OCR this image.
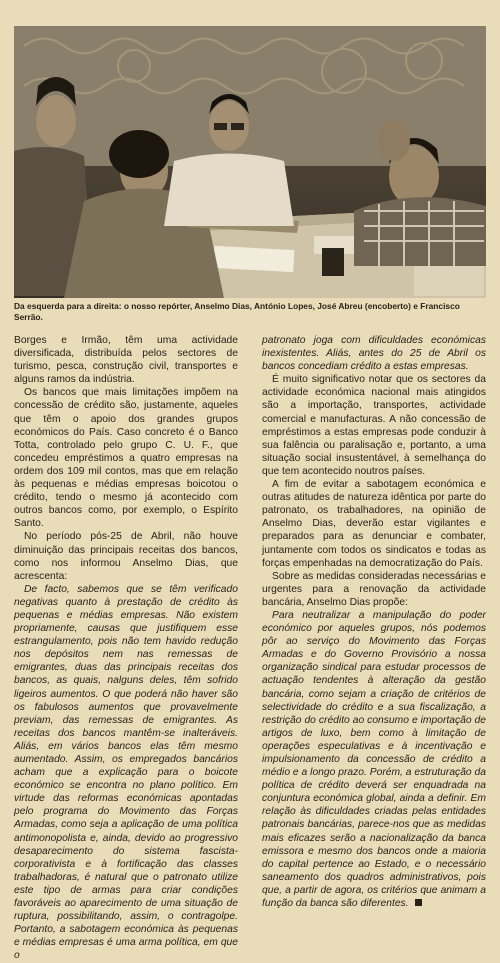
Da esquerda para a direita: o nosso repórter, Anselmo Dias, António Lopes, José Abreu (encoberto) e Francisco Serrão.

Borges e Irmão, têm uma actividade diversificada, distribuída pelos sectores de turismo, pesca, construção civil, transportes e alguns ramos da indústria.

Os bancos que mais limitações impõem na concessão de crédito são, justamente, aqueles que têm o apoio dos grandes grupos económicos do País. Caso concreto é o Banco Totta, controlado pelo grupo C. U. F., que concedeu empréstimos a quatro empresas na ordem dos 109 mil contos, mas que em relação às pequenas e médias empresas boicotou o crédito, tendo o mesmo já acontecido com outros bancos como, por exemplo, o Espírito Santo.

No período pós-25 de Abril, não houve diminuição das principais receitas dos bancos, como nos informou Anselmo Dias, que acrescenta:

De facto, sabemos que se têm verificado negativas quanto à prestação de crédito às pequenas e médias empresas. Não existem propriamente, causas que justifiquem esse estrangulamento, pois não tem havido redução nos depósitos nem nas remessas de emigrantes, duas das principais receitas dos bancos, as quais, nalguns deles, têm sofrido ligeiros aumentos. O que poderá não haver são os fabulosos aumentos que provavelmente previam, das remessas de emigrantes. As receitas dos bancos mantêm-se inalteráveis. Aliás, em vários bancos elas têm mesmo aumentado. Assim, os empregados bancários acham que a explicação para o boicote económico se encontra no plano político. Em virtude das reformas económicas apontadas pelo programa do Movimento das Forças Armadas, como seja a aplicação de uma política antimonopolista e, ainda, devido ao progressivo desaparecimento do sistema fascista-corporativista e à fortificação das classes trabalhadoras, é natural que o patronato utilize este tipo de armas para criar condições favoráveis ao aparecimento de uma situação de ruptura, possibilitando, assim, o contragolpe. Portanto, a sabotagem económica às pequenas e médias empresas é uma arma política, em que o

patronato joga com dificuldades económicas inexistentes. Aliás, antes do 25 de Abril os bancos concediam crédito a estas empresas.

É muito significativo notar que os sectores da actividade económica nacional mais atingidos são a importação, transportes, actividade comercial e manufacturas. A não concessão de empréstimos a estas empresas pode conduzir à sua falência ou paralisação e, portanto, a uma situação social insustentável, à semelhança do que tem acontecido noutros países.

A fim de evitar a sabotagem económica e outras atitudes de natureza idêntica por parte do patronato, os trabalhadores, na opinião de Anselmo Dias, deverão estar vigilantes e preparados para as denunciar e combater, juntamente com todos os sindicatos e todas as forças empenhadas na democratização do País.

Sobre as medidas consideradas necessárias e urgentes para a renovação da actividade bancária, Anselmo Dias propõe:

Para neutralizar a manipulação do poder económico por aqueles grupos, nós podemos pôr ao serviço do Movimento das Forças Armadas e do Governo Provisório a nossa organização sindical para estudar processos de actuação tendentes à alteração da gestão bancária, como sejam a criação de critérios de selectividade do crédito e a sua fiscalização, a restrição do crédito ao consumo e importação de artigos de luxo, bem como à limitação de operações especulativas e à incentivação e impulsionamento da concessão de crédito a médio e a longo prazo. Porém, a estruturação da política de crédito deverá ser enquadrada na conjuntura económica global, ainda a definir. Em relação às dificuldades criadas pelas entidades patronais bancárias, parece-nos que as medidas mais eficazes serão a nacionalização da banca emissora e mesmo dos bancos onde a maioria do capital pertence ao Estado, e o necessário saneamento dos quadros administrativos, pois que, a partir de agora, os critérios que animam a função da banca são diferentes.
